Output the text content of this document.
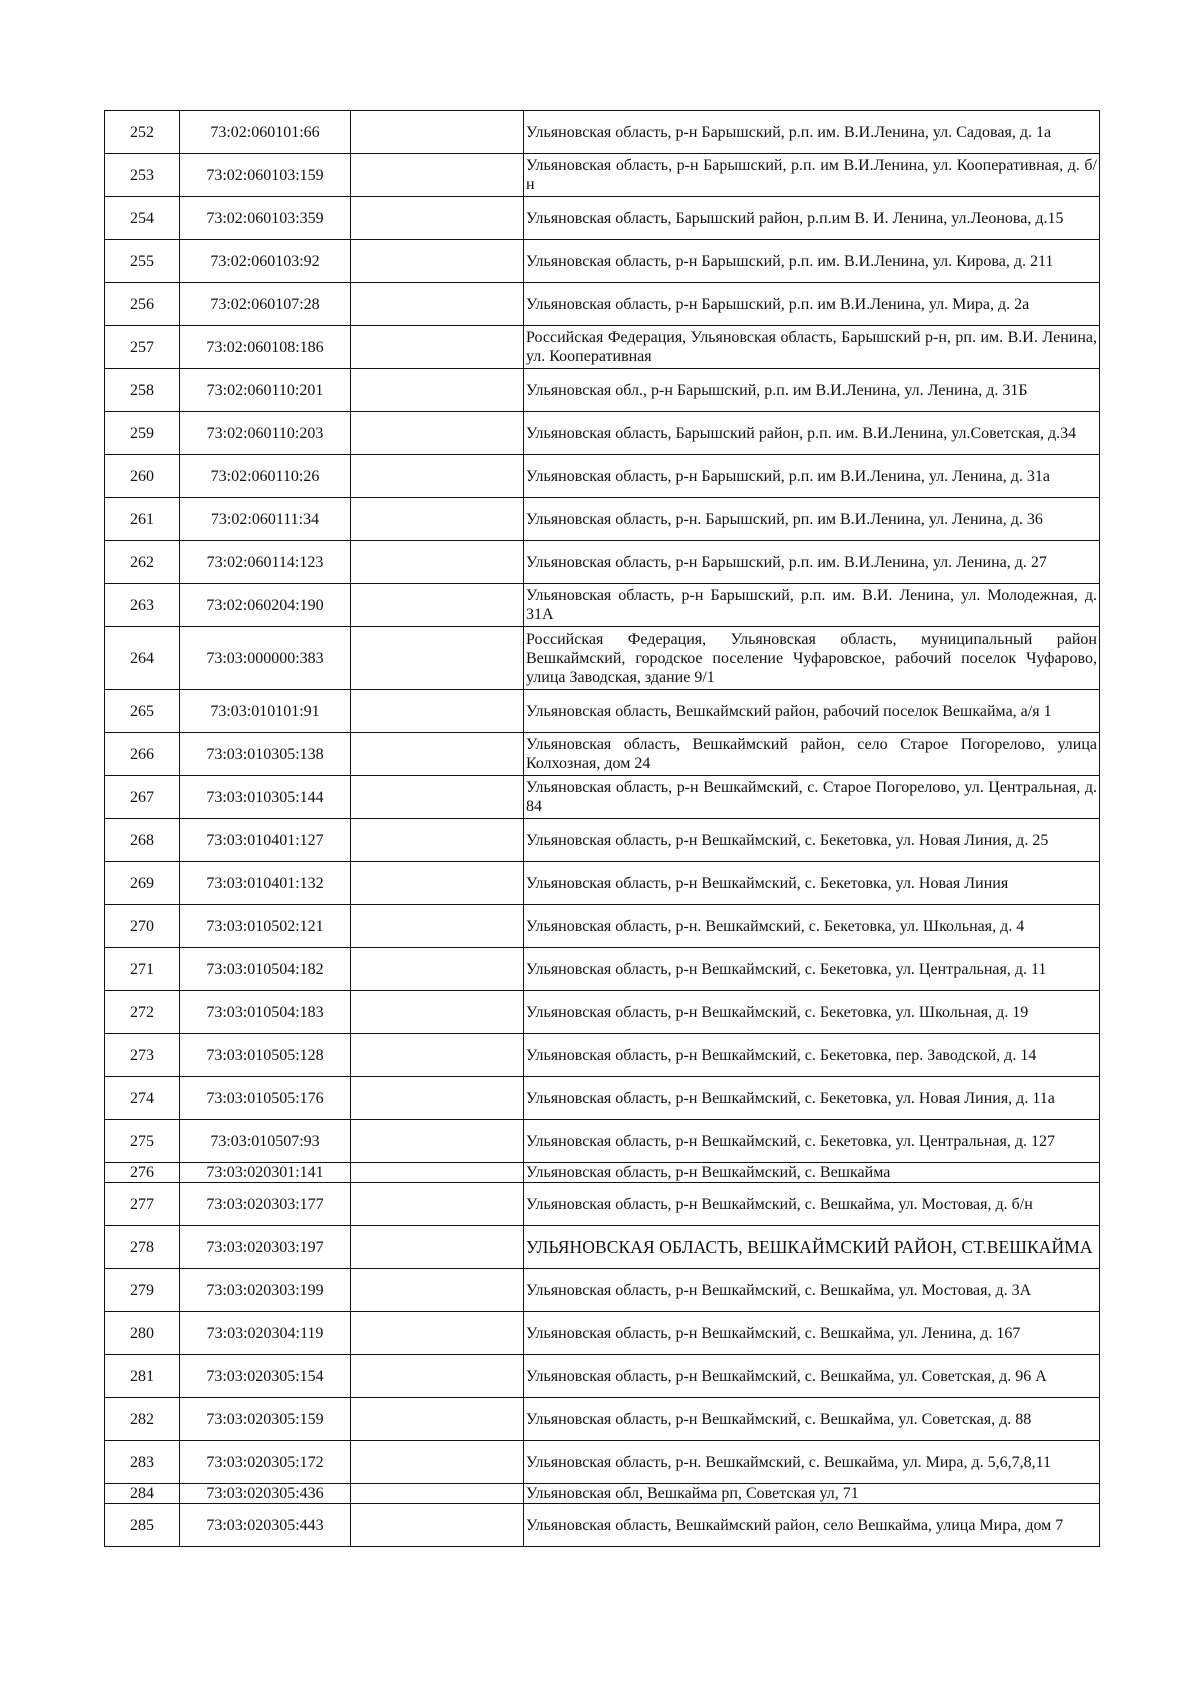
252	73:02:060101:66		Ульяновская область, р-н Барышский, р.п. им. В.И.Ленина, ул. Садовая, д. 1а
253	73:02:060103:159		Ульяновская область, р-н Барышский, р.п. им В.И.Ленина, ул. Кооперативная, д. б/н
254	73:02:060103:359		Ульяновская область, Барышский район, р.п.им В. И. Ленина, ул.Леонова, д.15
255	73:02:060103:92		Ульяновская область, р-н Барышский, р.п. им. В.И.Ленина, ул. Кирова, д. 211
256	73:02:060107:28		Ульяновская область, р-н Барышский, р.п. им В.И.Ленина, ул. Мира, д. 2а
257	73:02:060108:186		Российская Федерация, Ульяновская область, Барышский р-н, рп. им. В.И. Ленина, ул. Кооперативная
258	73:02:060110:201		Ульяновская обл., р-н Барышский, р.п. им В.И.Ленина, ул. Ленина, д. 31Б
259	73:02:060110:203		Ульяновская область, Барышский район, р.п. им. В.И.Ленина, ул.Советская, д.34
260	73:02:060110:26		Ульяновская область, р-н Барышский, р.п. им В.И.Ленина, ул. Ленина, д. 31а
261	73:02:060111:34		Ульяновская область, р-н. Барышский, рп. им В.И.Ленина, ул. Ленина, д. 36
262	73:02:060114:123		Ульяновская область, р-н Барышский, р.п. им. В.И.Ленина, ул. Ленина, д. 27
263	73:02:060204:190		Ульяновская область, р-н Барышский, р.п. им. В.И. Ленина, ул. Молодежная, д. 31А
264	73:03:000000:383		Российская Федерация, Ульяновская область, муниципальный район Вешкаймский, городское поселение Чуфаровское, рабочий поселок Чуфарово, улица Заводская, здание 9/1
265	73:03:010101:91		Ульяновская область, Вешкаймский район, рабочий поселок Вешкайма, а/я 1
266	73:03:010305:138		Ульяновская область, Вешкаймский район, село Старое Погорелово, улица Колхозная, дом 24
267	73:03:010305:144		Ульяновская область, р-н Вешкаймский, с. Старое Погорелово, ул. Центральная, д. 84
268	73:03:010401:127		Ульяновская область, р-н Вешкаймский, с. Бекетовка, ул. Новая Линия, д. 25
269	73:03:010401:132		Ульяновская область, р-н Вешкаймский, с. Бекетовка, ул. Новая Линия
270	73:03:010502:121		Ульяновская область, р-н. Вешкаймский, с. Бекетовка, ул. Школьная, д. 4
271	73:03:010504:182		Ульяновская область, р-н Вешкаймский, с. Бекетовка, ул. Центральная, д. 11
272	73:03:010504:183		Ульяновская область, р-н Вешкаймский, с. Бекетовка, ул. Школьная, д. 19
273	73:03:010505:128		Ульяновская область, р-н Вешкаймский, с. Бекетовка, пер. Заводской, д. 14
274	73:03:010505:176		Ульяновская область, р-н Вешкаймский, с. Бекетовка, ул. Новая Линия, д. 11а
275	73:03:010507:93		Ульяновская область, р-н Вешкаймский, с. Бекетовка, ул. Центральная, д. 127
276	73:03:020301:141		Ульяновская область, р-н Вешкаймский, с. Вешкайма
277	73:03:020303:177		Ульяновская область, р-н Вешкаймский, с. Вешкайма, ул. Мостовая, д. б/н
278	73:03:020303:197		УЛЬЯНОВСКАЯ ОБЛАСТЬ, ВЕШКАЙМСКИЙ РАЙОН, СТ.ВЕШКАЙМА
279	73:03:020303:199		Ульяновская область, р-н Вешкаймский, с. Вешкайма, ул. Мостовая, д. 3А
280	73:03:020304:119		Ульяновская область, р-н Вешкаймский, с. Вешкайма, ул. Ленина, д. 167
281	73:03:020305:154		Ульяновская область, р-н Вешкаймский, с. Вешкайма, ул. Советская, д. 96 А
282	73:03:020305:159		Ульяновская область, р-н Вешкаймский, с. Вешкайма, ул. Советская, д. 88
283	73:03:020305:172		Ульяновская область, р-н. Вешкаймский, с. Вешкайма, ул. Мира, д. 5,6,7,8,11
284	73:03:020305:436		Ульяновская обл, Вешкайма рп, Советская ул, 71
285	73:03:020305:443		Ульяновская область, Вешкаймский район, село Вешкайма, улица Мира, дом 7
